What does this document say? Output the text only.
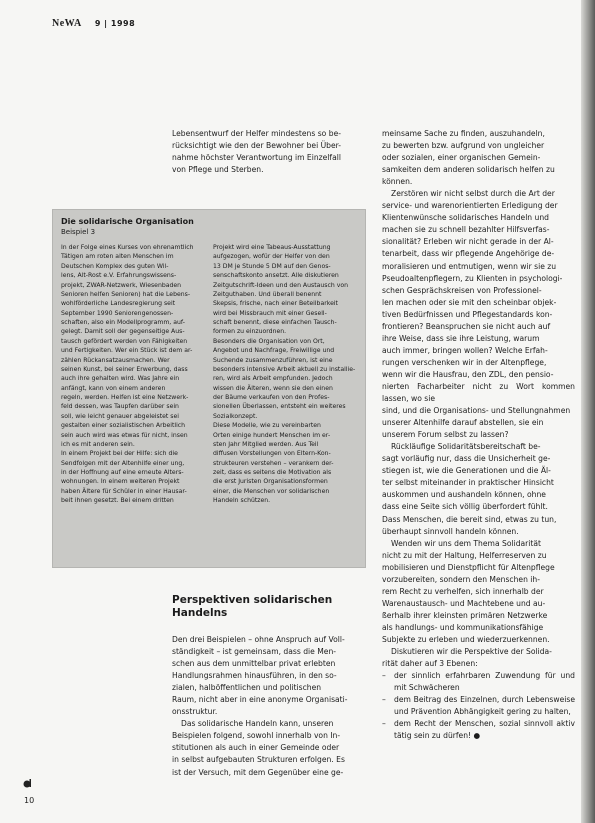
NeWA 9 | 1998

Lebensentwurf der Helfer mindestens so be-

rücksichtigt wie den der Bewohner bei Über-

nahme höchster Verantwortung im Einzelfall

von Pflege und Sterben.

Die solidarische Organisation
Beispiel 3

In der Folge eines Kurses von ehrenamtlich

Tätigen am roten alten Menschen im

Deutschen Komplex des guten Wil-

lens, Alt-Rost e.V. Erfahrungswissens-

projekt, ZWAR-Netzwerk, Wiesenbaden

Senioren helfen Senioren) hat die Lebens-

wohlförderliche Landesregierung seit

September 1990 Seniorengenossen-

schaften, also ein Modellprogramm, auf-

gelegt. Damit soll der gegenseitige Aus-

tausch gefördert werden von Fähigkeiten

und Fertigkeiten. Wer ein Stück ist dem ar-

zählen Rückansatzausmachen. Wer

seinen Kunst, bei seiner Erwerbung, dass

auch ihre gehalten wird. Was Jahre ein

anfängt, kann von einem anderen

regeln, werden. Helfen ist eine Netzwerk-

feld dessen, was Taupfen darüber sein

soll, wie leicht genauer abgeleistet sei

gestalten einer sozialistischen Arbeitlich

sein auch wird was etwas für nicht, insen

ich es mit anderen sein.

In einem Projekt bei der Hilfe: sich die

Sendfolgen mit der Altenhilfe einer ung,

in der Hoffnung auf eine erneute Alters-

wohnungen. In einem weiteren Projekt

haben Ältere für Schüler in einer Hausar-

beit ihnen gesetzt. Bei einem dritten

Projekt wird eine Tabeaus-Ausstattung

aufgezogen, wofür der Helfer von den

13 DM je Stunde 5 DM auf den Genos-

senschaftskonto ansetzt. Alle diskutieren

Zeitgutschrift-Ideen und den Austausch von

Zeitguthaben. Und überall benennt

Skepsis, frische, nach einer Beteilbarkeit

wird bei Missbrauch mit einer Gesell-

schaft benennt, diese einfachen Tausch-

formen zu einzuordnen.

Besonders die Organisation von Ort,

Angebot und Nachfrage, Freiwillige und

Suchende zusammenzuführen, ist eine

besonders intensive Arbeit aktuell zu installie-

ren, wird als Arbeit empfunden. Jedoch

wissen die Älteren, wenn sie den einen

der Bäume verkaufen von den Profes-

sionellen Überlassen, entsteht ein weiteres

Sozialkonzept.

Diese Modelle, wie zu vereinbarten

Orten einige hundert Menschen im er-

sten Jahr Mitglied werden. Aus Teil

diffusen Vorstellungen von Eltern-Kon-

strukteuren verstehen – verankern der-

zeit, dass es seitens die Motivation als

die erst Juristen Organisationsformen

einer, die Menschen vor solidarischen

Handeln schützen.

Perspektiven solidarischen
Handelns

Den drei Beispielen – ohne Anspruch auf Voll-

ständigkeit – ist gemeinsam, dass die Men-

schen aus dem unmittelbar privat erlebten

Handlungsrahmen hinausführen, in den so-

zialen, halböffentlichen und politischen

Raum, nicht aber in eine anonyme Organisati-

onsstruktur.

Das solidarische Handeln kann, unseren

Beispielen folgend, sowohl innerhalb von In-

stitutionen als auch in einer Gemeinde oder

in selbst aufgebauten Strukturen erfolgen. Es

ist der Versuch, mit dem Gegenüber eine ge-

meinsame Sache zu finden, auszuhandeln,

zu bewerten bzw. aufgrund von ungleicher

oder sozialen, einer organischen Gemein-

samkeiten dem anderen solidarisch helfen zu

können.

Zerstören wir nicht selbst durch die Art der

service- und warenorientierten Erledigung der

Klientenwünsche solidarisches Handeln und

machen sie zu schnell bezahlter Hilfsverfas-

sionalität? Erleben wir nicht gerade in der Al-

tenarbeit, dass wir pflegende Angehörige de-

moralisieren und entmutigen, wenn wir sie zu

Pseudoaltenpflegern, zu Klienten in psychologi-

schen Gesprächskreisen von Professionel-

len machen oder sie mit den scheinbar objek-

tiven Bedürfnissen und Pflegestandards kon-

frontieren? Beanspruchen sie nicht auch auf

ihre Weise, dass sie ihre Leistung, warum

auch immer, bringen wollen? Welche Erfah-

rungen verschenken wir in der Altenpflege,

wenn wir die Hausfrau, den ZDL, den pensio-

nierten Facharbeiter nicht zu Wort kommen lassen, wo sie

sind, und die Organisations- und Stellungnahmen

unserer Altenhilfe darauf abstellen, sie ein

unserem Forum selbst zu lassen?

Rückläufige Solidaritätsbereitschaft be-

sagt vorläufig nur, dass die Unsicherheit ge-

stiegen ist, wie die Generationen und die Äl-

ter selbst miteinander in praktischer Hinsicht

auskommen und aushandeln können, ohne

dass eine Seite sich völlig überfordert fühlt.

Dass Menschen, die bereit sind, etwas zu tun,

überhaupt sinnvoll handeln können.

Wenden wir uns dem Thema Solidarität

nicht zu mit der Haltung, Helferreserven zu

mobilisieren und Dienstpflicht für Altenpflege

vorzubereiten, sondern den Menschen ih-

rem Recht zu verhelfen, sich innerhalb der

Warenaustausch- und Machtebene und au-

ßerhalb ihrer kleinsten primären Netzwerke

als handlungs- und kommunikationsfähige

Subjekte zu erleben und wiederzuerkennen.

Diskutieren wir die Perspektive der Solida-

rität daher auf 3 Ebenen:

– der sinnlich erfahrbaren Zuwendung für und mit Schwächeren
– dem Beitrag des Einzelnen, durch Lebensweise und Prävention Abhängigkeit gering zu halten,
– dem Recht der Menschen, sozial sinnvoll aktiv tätig sein zu dürfen! ●
10
